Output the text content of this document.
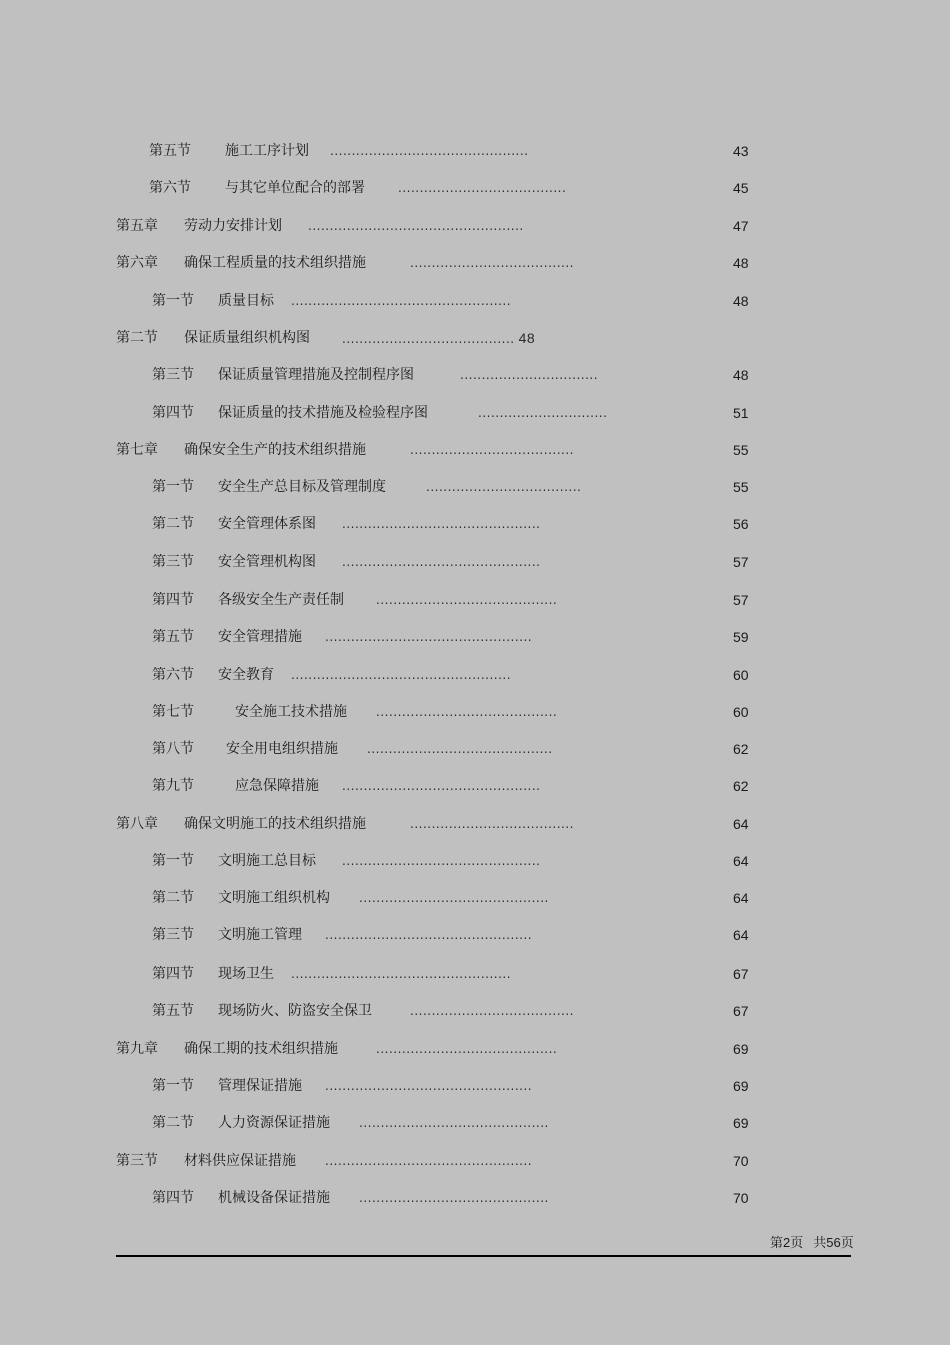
第五节 施工工序计划 ..............................................	43
第六节 与其它单位配合的部署	.......................................	45
第五章 劳动力安排计划 ..................................................	47
第六章 确保工程质量的技术组织措施	......................................	48
第一节 质量目标 ...................................................	48
第二节 保证质量组织机构图	........................................ 48
第三节 保证质量管理措施及控制程序图	................................	48
第四节 保证质量的技术措施及检验程序图	..............................	51
第七章 确保安全生产的技术组织措施	......................................	55
第一节 安全生产总目标及管理制度	....................................	55
第二节 安全管理体系图 ..............................................	56
第三节 安全管理机构图 ..............................................	57
第四节 各级安全生产责任制	..........................................	57
第五节 安全管理措施 ................................................	59
第六节 安全教育 ...................................................	60
第七节	安全施工技术措施 ..........................................	60
第八节 安全用电组织措施 ...........................................	62
第九节	应急保障措施 ..............................................	62
第八章 确保文明施工的技术组织措施	......................................	64
第一节 文明施工总目标 ..............................................	64
第二节 文明施工组织机构 ............................................	64
第三节 文明施工管理 ................................................	64
第四节 现场卫生 ...................................................	67
第五节 现场防火、防盗安全保卫	......................................	67
第九章 确保工期的技术组织措施	..........................................	69
第一节 管理保证措施 ................................................	69
第二节 人力资源保证措施 ............................................	69
第三节 材料供应保证措施 ................................................	70
第四节 机械设备保证措施 ............................................	70
第2页 共56页
